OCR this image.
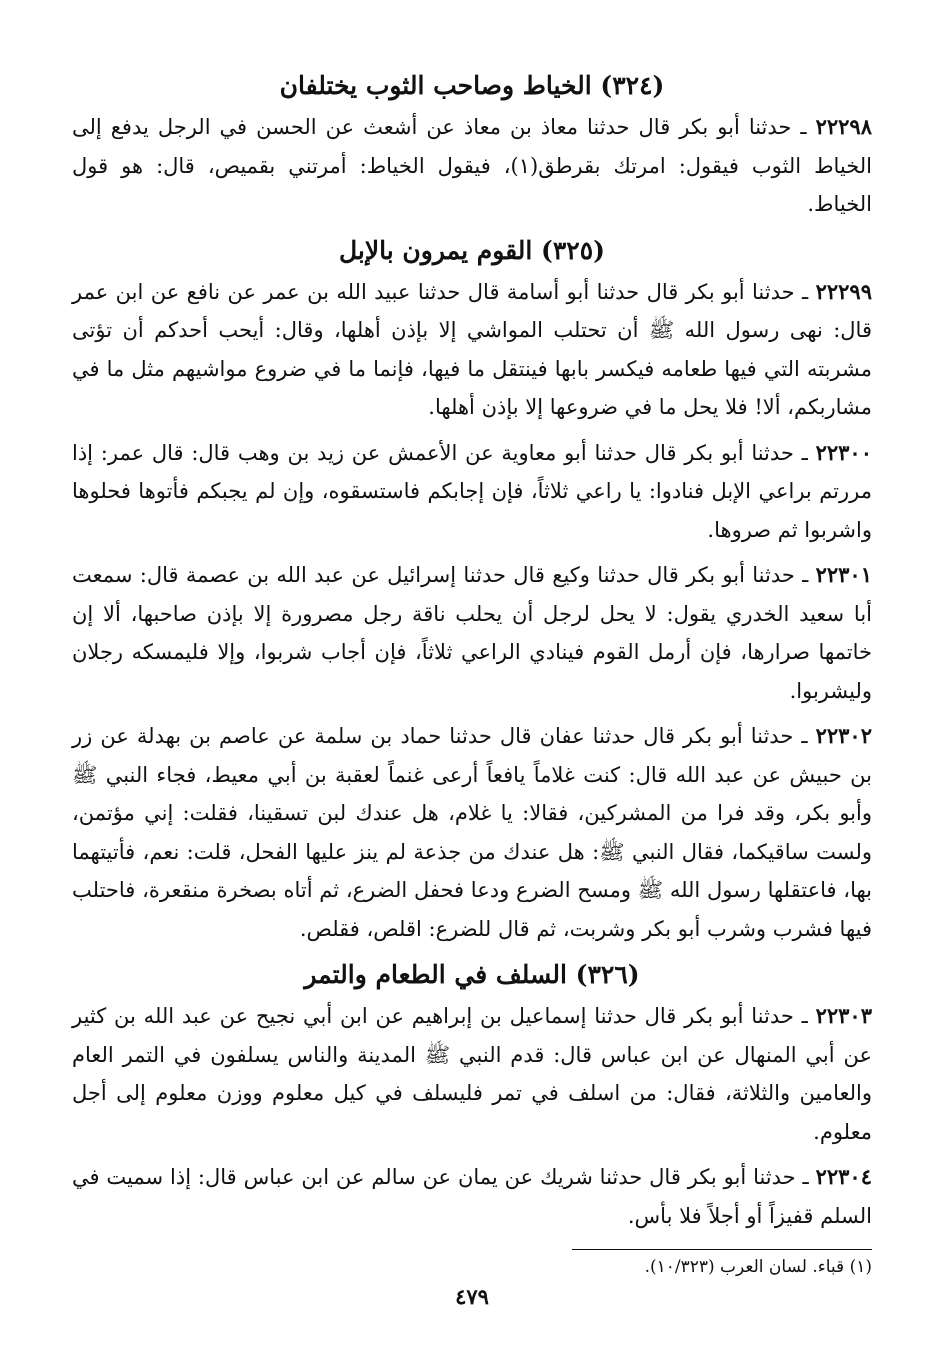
(٣٢٤) الخياط وصاحب الثوب يختلفان

٢٢٢٩٨ ـ حدثنا أبو بكر قال حدثنا معاذ بن معاذ عن أشعث عن الحسن في الرجل يدفع إلى الخياط الثوب فيقول: امرتك بقرطق(١)، فيقول الخياط: أمرتني بقميص، قال: هو قول الخياط.

(٣٢٥) القوم يمرون بالإبل

٢٢٢٩٩ ـ حدثنا أبو بكر قال حدثنا أبو أسامة قال حدثنا عبيد الله بن عمر عن نافع عن ابن عمر قال: نهى رسول الله ﷺ أن تحتلب المواشي إلا بإذن أهلها، وقال: أيحب أحدكم أن تؤتى مشربته التي فيها طعامه فيكسر بابها فينتقل ما فيها، فإنما ما في ضروع مواشيهم مثل ما في مشاربكم، ألا! فلا يحل ما في ضروعها إلا بإذن أهلها.

٢٢٣٠٠ ـ حدثنا أبو بكر قال حدثنا أبو معاوية عن الأعمش عن زيد بن وهب قال: قال عمر: إذا مررتم براعي الإبل فنادوا: يا راعي ثلاثاً، فإن إجابكم فاستسقوه، وإن لم يجبكم فأتوها فحلوها واشربوا ثم صروها.

٢٢٣٠١ ـ حدثنا أبو بكر قال حدثنا وكيع قال حدثنا إسرائيل عن عبد الله بن عصمة قال: سمعت أبا سعيد الخدري يقول: لا يحل لرجل أن يحلب ناقة رجل مصرورة إلا بإذن صاحبها، ألا إن خاتمها صرارها، فإن أرمل القوم فينادي الراعي ثلاثاً، فإن أجاب شربوا، وإلا فليمسكه رجلان وليشربوا.

٢٢٣٠٢ ـ حدثنا أبو بكر قال حدثنا عفان قال حدثنا حماد بن سلمة عن عاصم بن بهدلة عن زر بن حبيش عن عبد الله قال: كنت غلاماً يافعاً أرعى غنماً لعقبة بن أبي معيط، فجاء النبي ﷺ وأبو بكر، وقد فرا من المشركين، فقالا: يا غلام، هل عندك لبن تسقينا، فقلت: إني مؤتمن، ولست ساقيكما، فقال النبي ﷺ: هل عندك من جذعة لم ينز عليها الفحل، قلت: نعم، فأتيتهما بها، فاعتقلها رسول الله ﷺ ومسح الضرع ودعا فحفل الضرع، ثم أتاه بصخرة منقعرة، فاحتلب فيها فشرب وشرب أبو بكر وشربت، ثم قال للضرع: اقلص، فقلص.

(٣٢٦) السلف في الطعام والتمر

٢٢٣٠٣ ـ حدثنا أبو بكر قال حدثنا إسماعيل بن إبراهيم عن ابن أبي نجيح عن عبد الله بن كثير عن أبي المنهال عن ابن عباس قال: قدم النبي ﷺ المدينة والناس يسلفون في التمر العام والعامين والثلاثة، فقال: من اسلف في تمر فليسلف في كيل معلوم ووزن معلوم إلى أجل معلوم.

٢٢٣٠٤ ـ حدثنا أبو بكر قال حدثنا شريك عن يمان عن سالم عن ابن عباس قال: إذا سميت في السلم قفيزاً أو أجلاً فلا بأس.

(١) قباء. لسان العرب (١٠/٣٢٣).
٤٧٩
